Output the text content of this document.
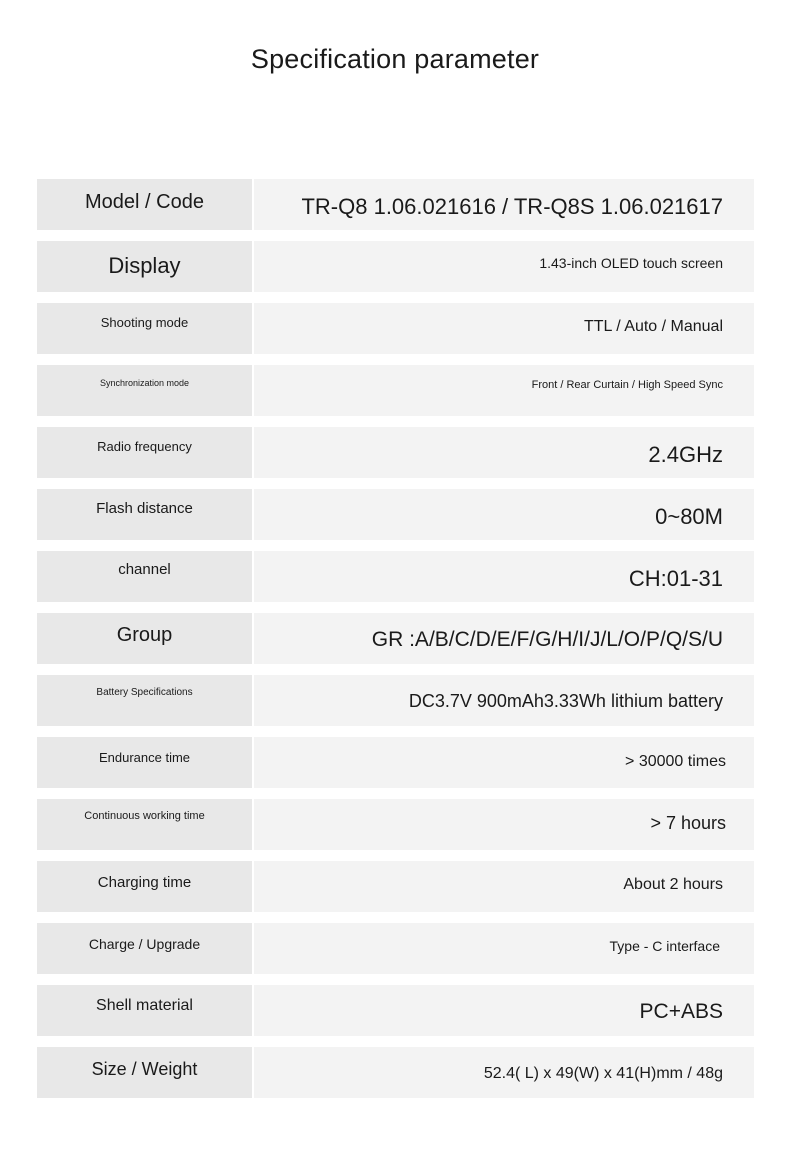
Specification parameter
Model / Code	TR-Q8 1.06.021616 / TR-Q8S 1.06.021617
Display	1.43-inch OLED touch screen
Shooting mode	TTL / Auto / Manual
Synchronization mode	Front / Rear Curtain / High Speed Sync
Radio frequency	2.4GHz
Flash distance	0~80M
channel	CH:01-31
Group	GR :A/B/C/D/E/F/G/H/I/J/L/O/P/Q/S/U
Battery Specifications	DC3.7V 900mAh3.33Wh lithium battery
Endurance time	> 30000 times
Continuous working time	> 7 hours
Charging time	About 2 hours
Charge / Upgrade	Type - C interface
Shell material	PC+ABS
Size / Weight	52.4( L) x 49(W) x 41(H)mm / 48g
